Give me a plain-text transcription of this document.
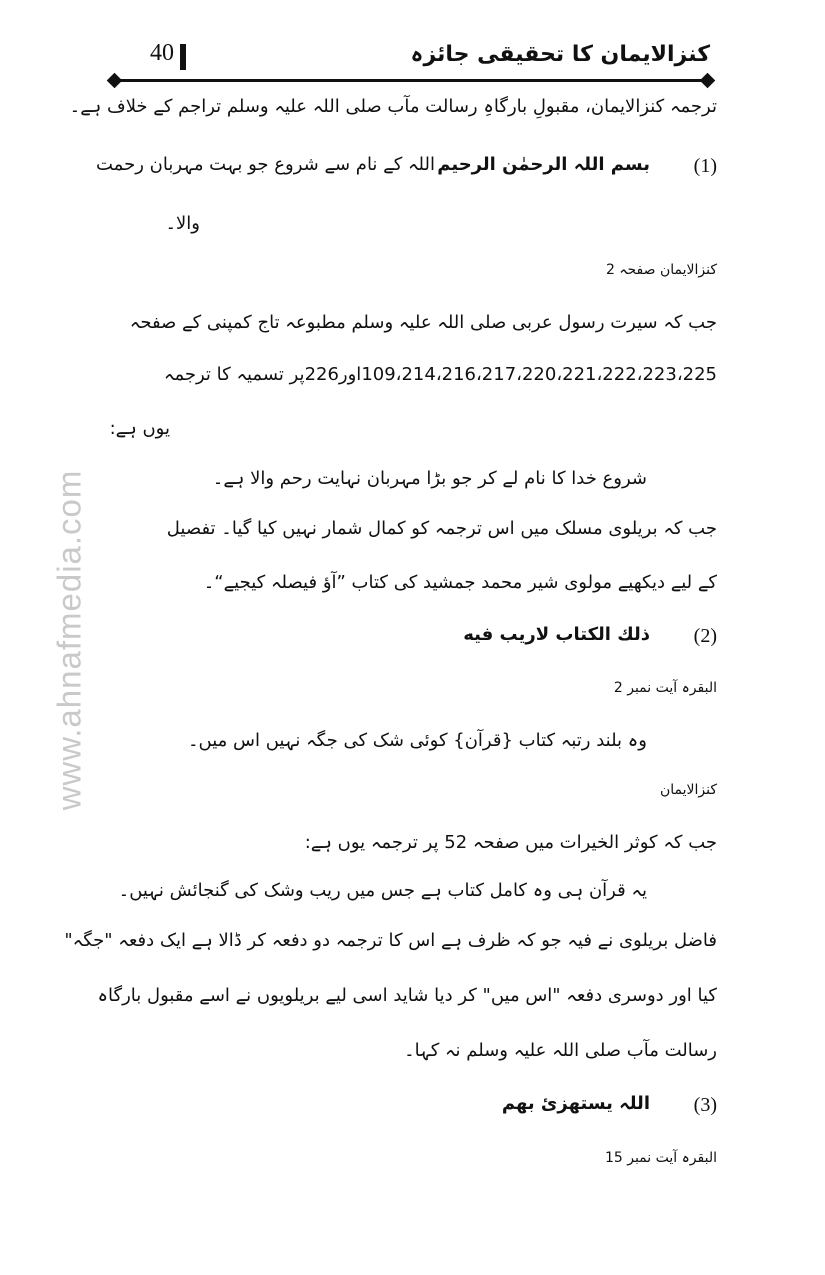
www.ahnafmedia.com
کنزالایمان کا تحقیقی جائزہ
40
ترجمہ کنزالایمان، مقبولِ بارگاہِ رسالت مآب صلی اللہ علیہ وسلم تراجم کے خلاف ہے۔
(1)
بسم اللہ الرحمٰن الرحیم
اللہ کے نام سے شروع جو بہت مہربان رحمت
والا۔
کنزالایمان صفحہ 2
جب کہ سیرت رسول عربی صلی اللہ علیہ وسلم مطبوعہ تاج کمپنی کے صفحہ
109،214،216،217،220،221،222،223،225اور226پر تسمیہ کا ترجمہ
یوں ہے:
شروع خدا کا نام لے کر جو بڑا مہربان نہایت رحم والا ہے۔
جب کہ بریلوی مسلک میں اس ترجمہ کو کمال شمار نہیں کیا گیا۔ تفصیل
کے لیے دیکھیے مولوی شیر محمد جمشید کی کتاب ”آؤ فیصلہ کیجیے“۔
(2)
ذلك الكتاب لاريب فيه
البقرہ آیت نمبر 2
وہ بلند رتبہ کتاب {قرآن} کوئی شک کی جگہ نہیں اس میں۔
کنزالایمان
جب کہ کوثر الخیرات میں صفحہ 52 پر ترجمہ یوں ہے:
یہ قرآن ہی وہ کامل کتاب ہے جس میں ریب وشک کی گنجائش نہیں۔
فاضل بریلوی نے فیہ جو کہ ظرف ہے اس کا ترجمہ دو دفعہ کر ڈالا ہے ایک دفعہ "جگہ"
کیا اور دوسری دفعہ "اس میں" کر دیا شاید اسی لیے بریلویوں نے اسے مقبول بارگاہ
رسالت مآب صلی اللہ علیہ وسلم نہ کہا۔
(3)
اللہ یستھزئ بھم
البقرہ آیت نمبر 15
